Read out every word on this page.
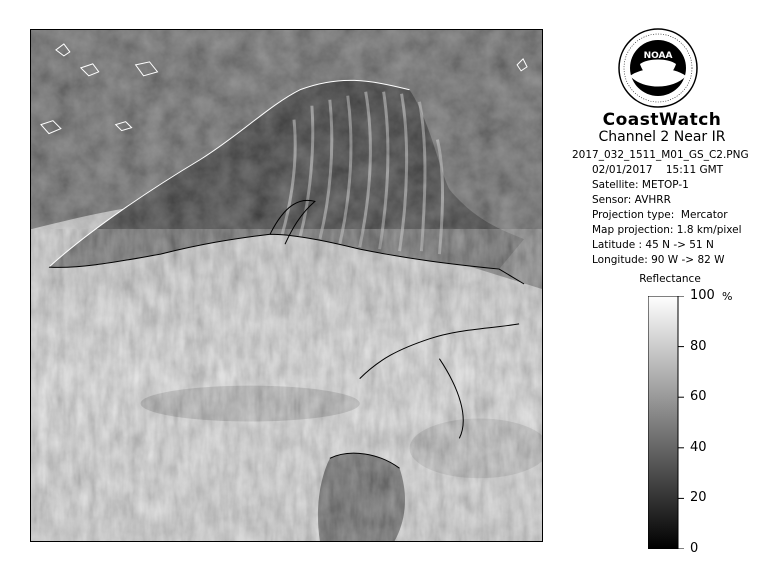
NOAA
CoastWatch
Channel 2 Near IR
2017_032_1511_M01_GS_C2.PNG
02/01/2017    15:11 GMT
Satellite: METOP-1
Sensor: AVHRR
Projection type:  Mercator
Map projection: 1.8 km/pixel
Latitude : 45 N -> 51 N
Longitude: 90 W -> 82 W
Reflectance
%
100
80
60
40
20
0
